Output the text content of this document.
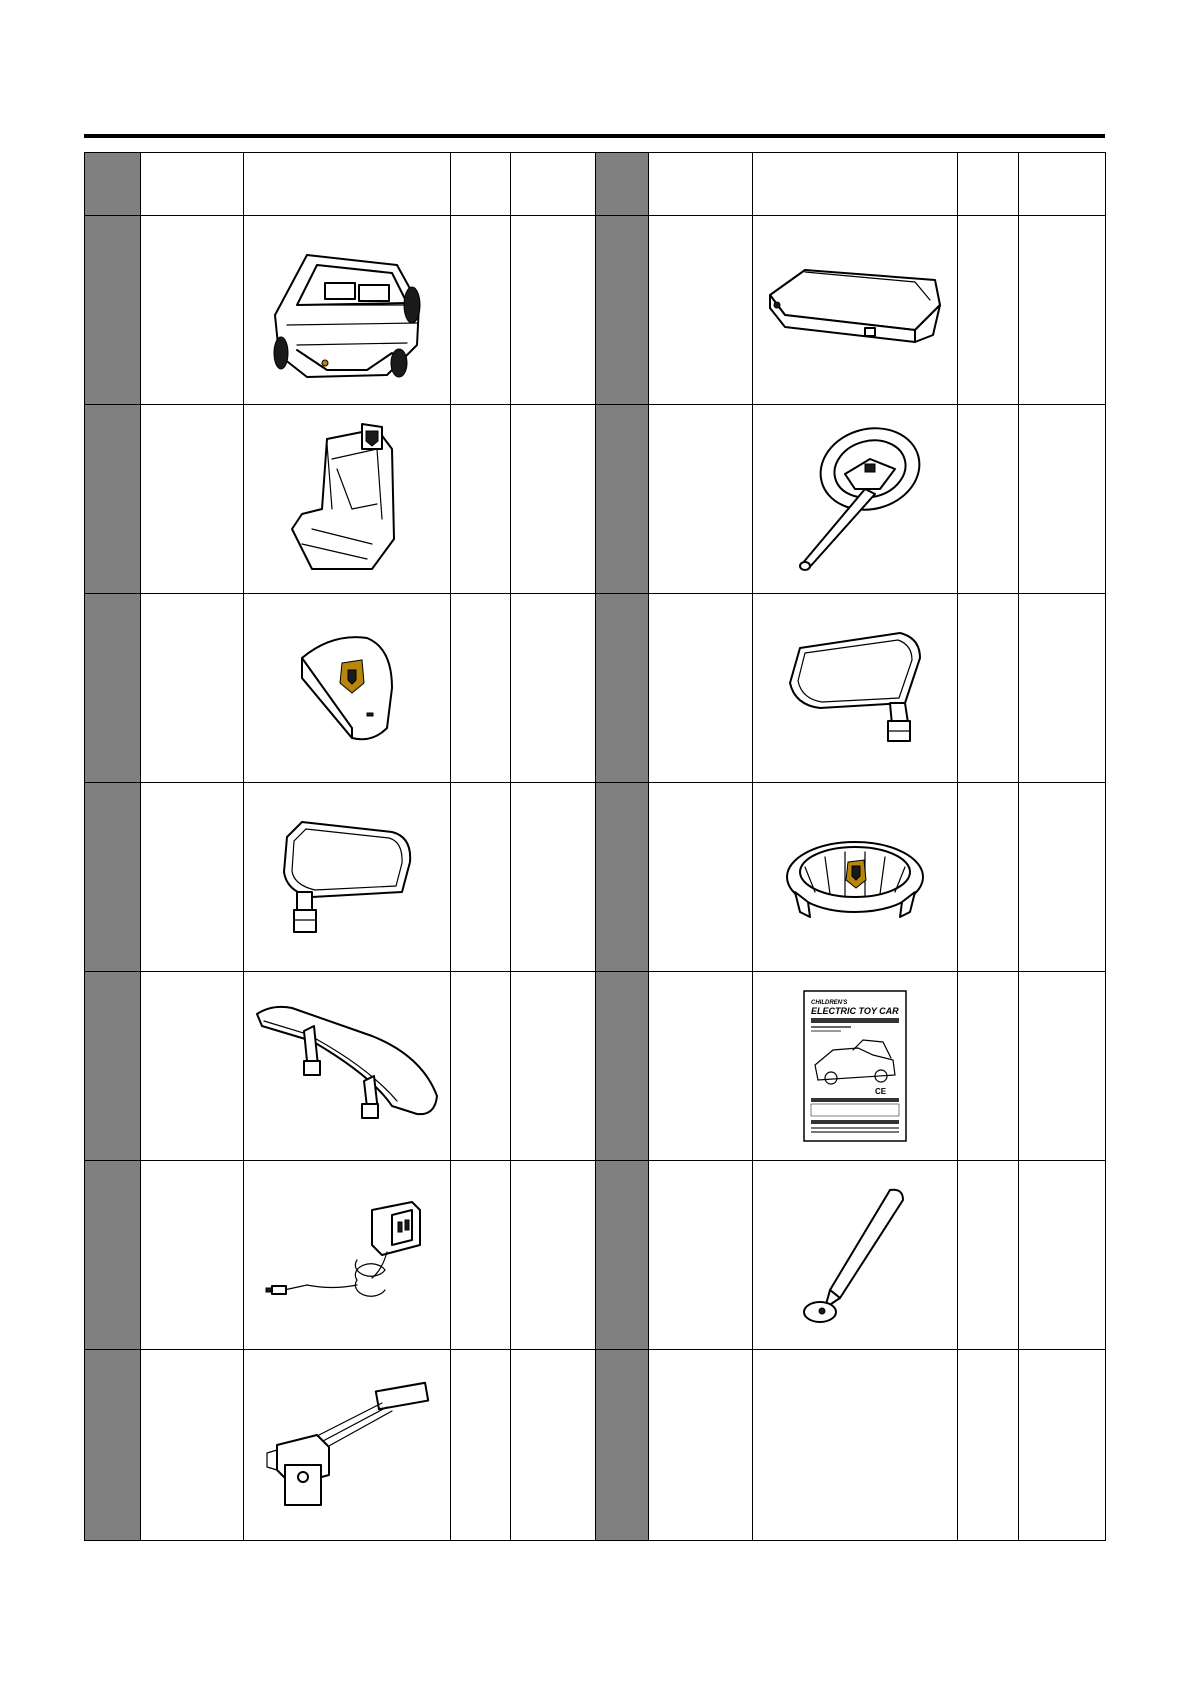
CHILDREN'S
ELECTRIC TOY CAR
CE		
